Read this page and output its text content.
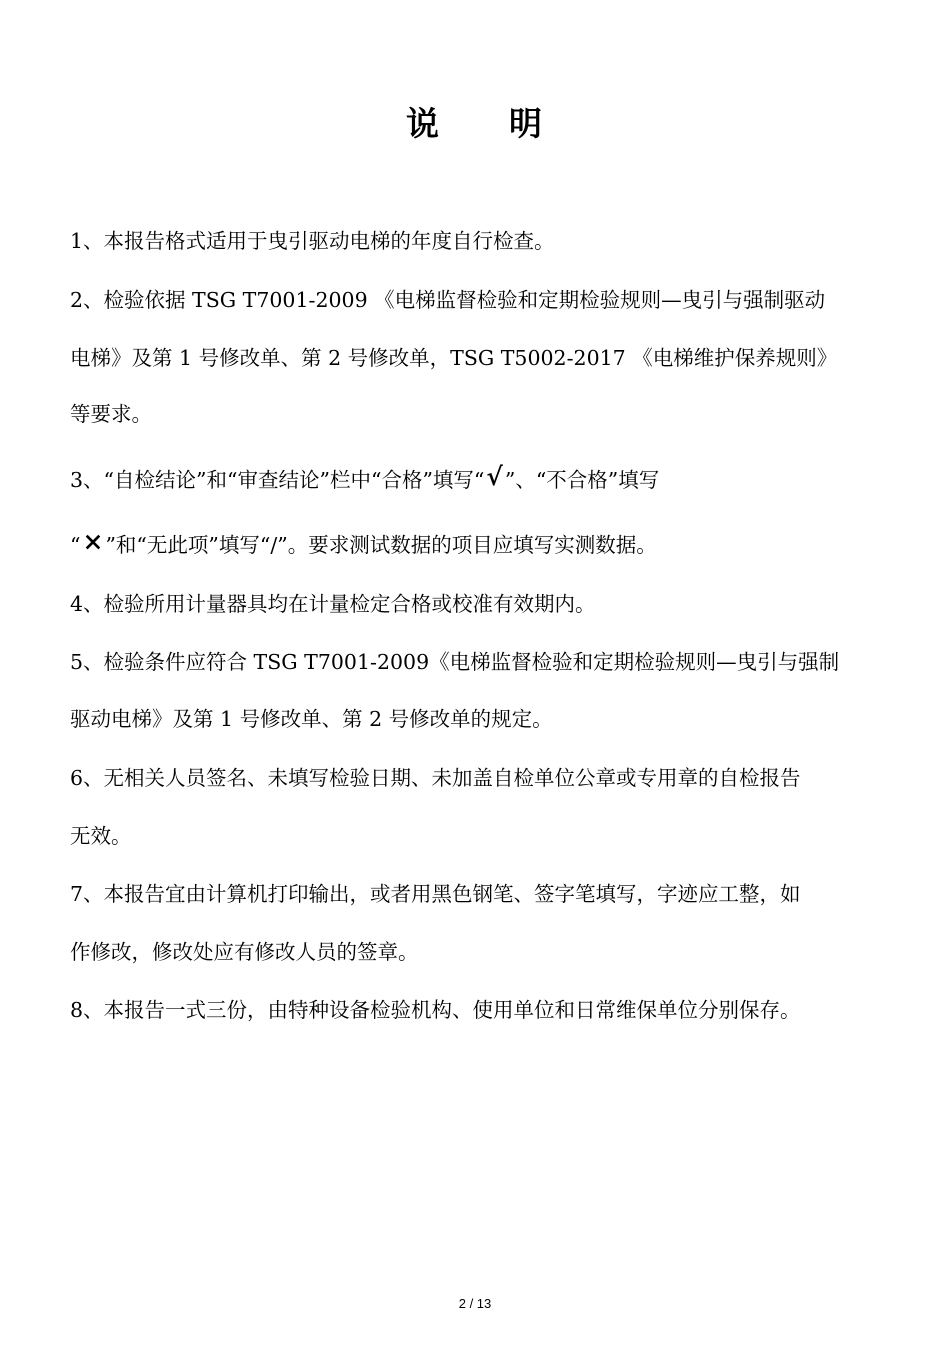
说 明
1、本报告格式适用于曳引驱动电梯的年度自行检查。
2、检验依据 TSG T7001-2009 《电梯监督检验和定期检验规则—曳引与强制驱动
电梯》及第 1 号修改单、第 2 号修改单，TSG T5002-2017 《电梯维护保养规则》
等要求。
3、“自检结论”和“审查结论”栏中“合格”填写“√”、“不合格”填写
“×”和“无此项”填写“/”。要求测试数据的项目应填写实测数据。
4、检验所用计量器具均在计量检定合格或校准有效期内。
5、检验条件应符合 TSG T7001-2009《电梯监督检验和定期检验规则—曳引与强制
驱动电梯》及第 1 号修改单、第 2 号修改单的规定。
6、无相关人员签名、未填写检验日期、未加盖自检单位公章或专用章的自检报告
无效。
7、本报告宜由计算机打印输出，或者用黑色钢笔、签字笔填写，字迹应工整，如
作修改，修改处应有修改人员的签章。
8、本报告一式三份，由特种设备检验机构、使用单位和日常维保单位分别保存。
2 / 13
